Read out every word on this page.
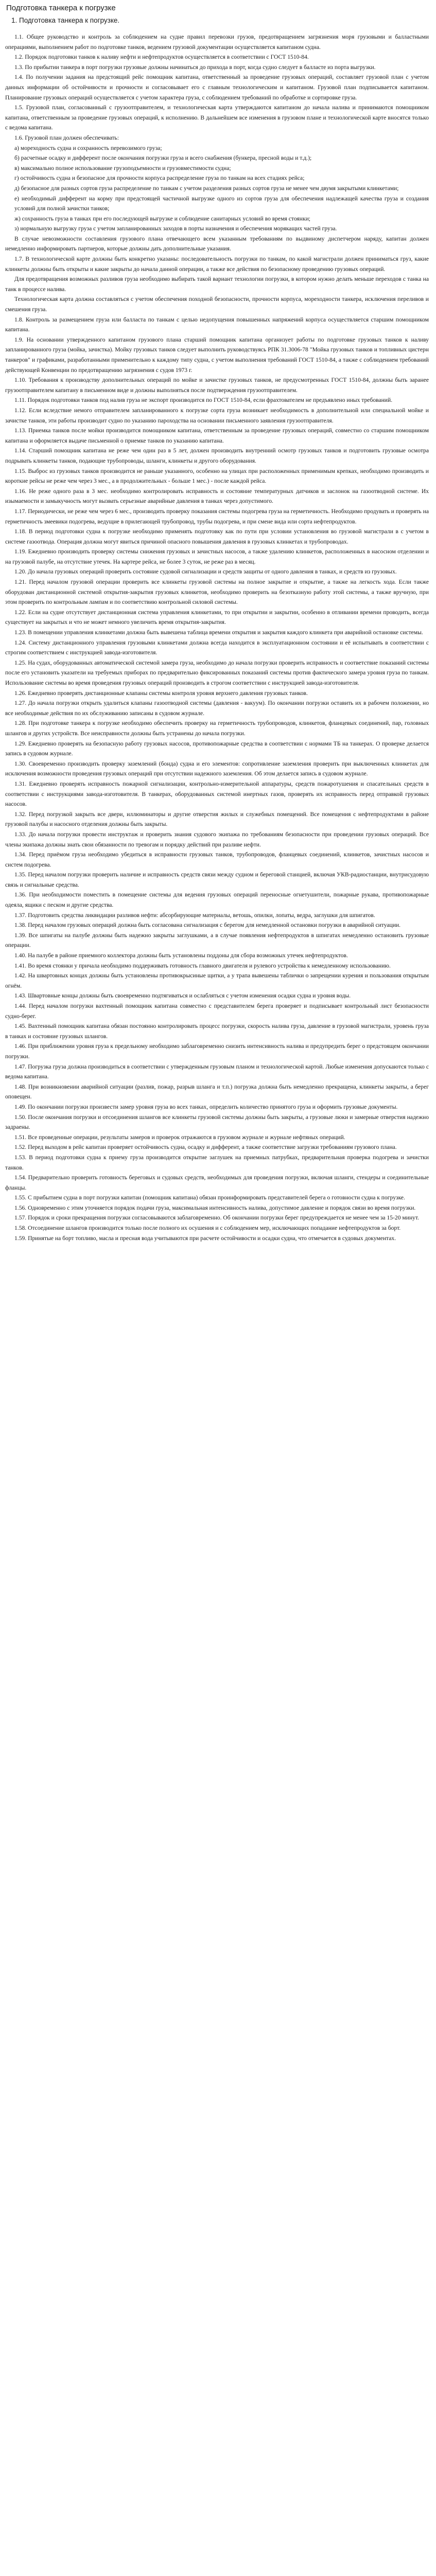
Подготовка танкера к погрузке
1. Подготовка танкера к погрузке.

1.1. Общее руководство и контроль за соблюдением на судне правил перевозки грузов, предотвращением загрязнения моря грузовыми и балластными операциями, выполнением работ по подготовке танков, ведением грузовой документации осуществляется капитаном судна.

1.2. Порядок подготовки танков к наливу нефти и нефтепродуктов осуществляется в соответствии с ГОСТ 1510-84.

1.3. По прибытии танкера в порт погрузки грузовые должны начинаться до прихода в порт, когда судно следует в балласте из порта выгрузки.

1.4. По получении задания на предстоящий рейс помощник капитана, ответственный за проведение грузовых операций, составляет грузовой план с учетом данных информации об остойчивости и прочности и согласовывает его с главным технологическим и капитаном. Грузовой план подписывается капитаном. Планирование грузовых операций осуществляется с учетом характера груза, с соблюдением требований по обработке и сортировке груза.

1.5. Грузовой план, согласованный с грузоотправителем, и технологическая карта утверждаются капитаном до начала налива и принимаются помощником капитана, ответственным за проведение грузовых операций, к исполнению. В дальнейшем все изменения в грузовом плане и технологической карте вносятся только с ведома капитана.

1.6. Грузовой план должен обеспечивать:

а) мореходность судна и сохранность перевозимого груза;

б) расчетные осадку и дифферент после окончания погрузки груза и всего снабжения (бункера, пресной воды и т.д.);

в) максимально полное использование грузоподъемности и грузовместимости судна;

г) остойчивость судна и безопасное для прочности корпуса распределение груза по танкам на всех стадиях рейса;

д) безопасное для разных сортов груза распределение по танкам с учетом разделения разных сортов груза не менее чем двумя закрытыми клинкетами;

е) необходимый дифферент на корму при предстоящей частичной выгрузке одного из сортов груза для обеспечения надлежащей качества груза и создания условий для полной зачистки танков;

ж) сохранность груза в танках при его последующей выгрузке и соблюдение санитарных условий во время стоянки;

з) нормальную выгрузку груза с учетом запланированных заходов в порты назначения и обеспечения морякащих частей груза.

В случае невозможности составления грузового плана отвечающего всем указанным требованиям по выдвиному диспетчером наряду, капитан должен немедленно информировать партнеров, которые должны дать дополнительные указания.

1.7. В технологической карте должны быть конкретно указаны: последовательность погрузки по танкам, по какой магистрали должен приниматься груз, какие клинкеты должны быть открыты и какие закрыты до начала данной операции, а также все действия по безопасному проведению грузовых операций.

Для предотвращения возможных разливов груза необходимо выбирать такой вариант технологии погрузки, в котором нужно делать меньше переходов с танка на танк в процессе налива.

Технологическая карта должна составляться с учетом обеспечения походной безопасности, прочности корпуса, мореходности танкера, исключения переливов и смешения груза.

1.8. Контроль за размещением груза или балласта по танкам с целью недопущения повышенных напряжений корпуса осуществляется старшим помощником капитана.

1.9. На основании утвержденного капитаном грузового плана старший помощник капитана организует работы по подготовке грузовых танков к наливу запланированного груза (мойка, зачистка). Мойку грузовых танков следует выполнить руководствуясь РПК 31.3006-78 "Мойка грузовых танков и топливных цистерн танкеров" и графиками, разработанными применительно к каждому типу судна, с учетом выполнения требований ГОСТ 1510-84, а также с соблюдением требований действующей Конвенции по предотвращению загрязнения с судов 1973 г.

1.10. Требования к производству дополнительных операций по мойке и зачистке грузовых танков, не предусмотренных ГОСТ 1510-84, должны быть заранее грузоотправителем капитану в письменном виде и должны выполняться после подтверждения грузоотправителем.

1.11. Порядок подготовки танков под налив груза не экспорт производится по ГОСТ 1510-84, если фрахтователем не предъявлено иных требований.

1.12. Если вследствие немого отправителем запланированного к погрузке сорта груза возникает необходимость в дополнительной или специальной мойке и зачистке танков, эти работы производит судно по указанию пароходства на основании письменного заявления грузоотправителя.

1.13. Приемка танков после мойки производится помощником капитана, ответственным за проведение грузовых операций, совместно со старшим помощником капитана и оформляется выдаче письменной о приемке танков по указанию капитана.

1.14. Старший помощник капитана не реже чем один раз в 5 лет, должен производить внутренний осмотр грузовых танков и подготовить грузовые осмотра подрывать клинкеты танков, подающие трубопроводы, шланги, клинкеты и другого оборудования.

1.15. Выброс из грузовых танков производится не раньше указанного, особенно на улицах при расположенных применимым крепках, необходимо производить и короткие рейсы не реже чем через 3 мес., а в продолжительных - больше 1 мес.) - после каждой рейса.

1.16. Не реже одного раза в 3 мес. необходимо контролировать исправность и состояние температурных датчиков и заслонок на газоотводной системе. Их изымаемости и замыкучность могут вызвать серьезные аварийные давления в танках через допустимого.

1.17. Периодически, не реже чем через 6 мес., производить проверку показания системы подогрева груза на герметичность. Необходимо продувать и проверять на герметичность змеевики подогрева, ведущие в прилегающей трубопровод, трубы подогрева, и при смене вида или сорта нефтепродуктов.

1.18. В период подготовки судна к погрузке необходимо применять подготовку как по пути при условии установления во грузовой магистрали в с учетом в системе газоотвода. Операция должна могут явиться причиной опасного повышения давления в грузовых клинкетах и трубопроводах.

1.19. Ежедневно производить проверку системы снижения грузовых и зачистных насосов, а также удалению клинкетов, расположенных в насосном отделении и на грузовой палубе, на отсутствие утечек. На картере рейса, не более 3 суток, не реже раз в месяц.

1.20. До начала грузовых операций проверить состояние судовой сигнализации и средств защиты от одного давления в танках, и средств из грузовых.

1.21. Перед началом грузовой операции проверить все клинкеты грузовой системы на полное закрытие и открытие, а также на легкость хода. Если также оборудован дистанционной системой открытия-закрытия грузовых клинкетов, необходимо проверить на безотказную работу этой системы, а также вручную, при этом проверить по контрольным лампам и по соответствию контрольной силовой системы.

1.22. Если на судне отсутствует дистанционная система управления клинкетами, то при открытии и закрытии, особенно в отливании времени проводить, всегда существует на закрытых и что не может немного увеличить время открытия-закрытия.

1.23. В помещении управления клинкетами должна быть вывешена таблица времени открытия и закрытия каждого клинкета при аварийной остановке системы.

1.24. Систему дистанционного управления грузовыми клинкетами должна всегда находится в эксплуатационном состоянии и её испытывать в соответствии с строгим соответствием с инструкцией завода-изготовителя.

1.25. На судах, оборудованных автоматической системой замера груза, необходимо до начала погрузки проверить исправность и соответствие показаний системы после его установить указатели на требуемых приборах по предварительно фиксированных показаний системы против фактического замера уровня груза по танкам. Использование системы во время проведения грузовых операций производить в строгом соответствии с инструкцией завода-изготовителя.

1.26. Ежедневно проверять дистанционные клапаны системы контроля уровня верхнего давления грузовых танков.

1.27. До начала погрузки открыть удалиться клапаны газоотводной системы (давления - вакуум). По окончании погрузки оставить их в рабочем положении, но все необходимые действия по их обслуживанию записаны в судовом журнале.

1.28. При подготовке танкера к погрузке необходимо обеспечить проверку на герметичность трубопроводов, клинкетов, фланцевых соединений, пар, головных шлангов и других устройств. Все неисправности должны быть устранены до начала погрузки.

1.29. Ежедневно проверять на безопасную работу грузовых насосов, противопожарные средства в соответствии с нормами ТБ на танкерах. О проверке делается запись в судовом журнале.

1.30. Своевременно производить проверку заземлений (бонда) судна и его элементов: сопротивление заземления проверить при выключенных клинкетах для исключения возможности проведения грузовых операций при отсутствии надежного заземления. Об этом делается запись в судовом журнале.

1.31. Ежедневно проверять исправность пожарной сигнализации, контрольно-измерительной аппаратуры, средств пожаротушения и спасательных средств в соответствии с инструкциями завода-изготовителя. В танкерах, оборудованных системой инертных газов, проверять их исправность перед отправкой грузовых насосов.

1.32. Перед погрузкой закрыть все двери, иллюминаторы и другие отверстия жилых и служебных помещений. Все помещения с нефтепродуктами в районе грузовой палубы и насосного отделения должны быть закрыты.

1.33. До начала погрузки провести инструктаж и проверить знания судового экипажа по требованиям безопасности при проведении грузовых операций. Все члены экипажа должны знать свои обязанности по тревогам и порядку действий при разливе нефти.

1.34. Перед приёмом груза необходимо убедиться в исправности грузовых танков, трубопроводов, фланцевых соединений, клинкетов, зачистных насосов и систем подогрева.

1.35. Перед началом погрузки проверить наличие и исправность средств связи между судном и береговой станцией, включая УКВ-радиостанции, внутрисудовую связь и сигнальные средства.

1.36. При необходимости поместить в помещение системы для ведения грузовых операций переносные огнетушители, пожарные рукава, противопожарные одеяла, ящики с песком и другие средства.

1.37. Подготовить средства ликвидации разливов нефти: абсорбирующие материалы, ветошь, опилки, лопаты, ведра, заглушки для шпигатов.

1.38. Перед началом грузовых операций должна быть согласована сигнализация с берегом для немедленной остановки погрузки в аварийной ситуации.

1.39. Все шпигаты на палубе должны быть надежно закрыты заглушками, а в случае появления нефтепродуктов в шпигатах немедленно остановить грузовые операции.

1.40. На палубе в районе приемного коллектора должны быть установлены поддоны для сбора возможных утечек нефтепродуктов.

1.41. Во время стоянки у причала необходимо поддерживать готовность главного двигателя и рулевого устройства к немедленному использованию.

1.42. На швартовных концах должны быть установлены противокрысиные щитки, а у трапа вывешены таблички о запрещении курения и пользования открытым огнём.

1.43. Швартовные концы должны быть своевременно подтягиваться и ослабляться с учетом изменения осадки судна и уровня воды.

1.44. Перед началом погрузки вахтенный помощник капитана совместно с представителем берега проверяет и подписывает контрольный лист безопасности судно-берег.

1.45. Вахтенный помощник капитана обязан постоянно контролировать процесс погрузки, скорость налива груза, давление в грузовой магистрали, уровень груза в танках и состояние грузовых шлангов.

1.46. При приближении уровня груза к предельному необходимо заблаговременно снизить интенсивность налива и предупредить берег о предстоящем окончании погрузки.

1.47. Погрузка груза должна производиться в соответствии с утвержденным грузовым планом и технологической картой. Любые изменения допускаются только с ведома капитана.

1.48. При возникновении аварийной ситуации (разлив, пожар, разрыв шланга и т.п.) погрузка должна быть немедленно прекращена, клинкеты закрыты, а берег оповещен.

1.49. По окончании погрузки произвести замер уровня груза во всех танках, определить количество принятого груза и оформить грузовые документы.

1.50. После окончания погрузки и отсоединения шлангов все клинкеты грузовой системы должны быть закрыты, а грузовые люки и замерные отверстия надежно задраены.

1.51. Все проведенные операции, результаты замеров и проверок отражаются в грузовом журнале и журнале нефтяных операций.

1.52. Перед выходом в рейс капитан проверяет остойчивость судна, осадку и дифферент, а также соответствие загрузки требованиям грузового плана.

1.53. В период подготовки судна к приему груза производится открытие заглушек на приемных патрубках, предварительная проверка подогрева и зачистки танков.

1.54. Предварительно проверить готовность береговых и судовых средств, необходимых для проведения погрузки, включая шланги, стендеры и соединительные фланцы.

1.55. С прибытием судна в порт погрузки капитан (помощник капитана) обязан проинформировать представителей берега о готовности судна к погрузке.

1.56. Одновременно с этим уточняется порядок подачи груза, максимальная интенсивность налива, допустимое давление и порядок связи во время погрузки.

1.57. Порядок и сроки прекращения погрузки согласовываются заблаговременно. Об окончании погрузки берег предупреждается не менее чем за 15-20 минут.

1.58. Отсоединение шлангов производится только после полного их осушения и с соблюдением мер, исключающих попадание нефтепродуктов за борт.

1.59. Принятые на борт топливо, масла и пресная вода учитываются при расчете остойчивости и осадки судна, что отмечается в судовых документах.
